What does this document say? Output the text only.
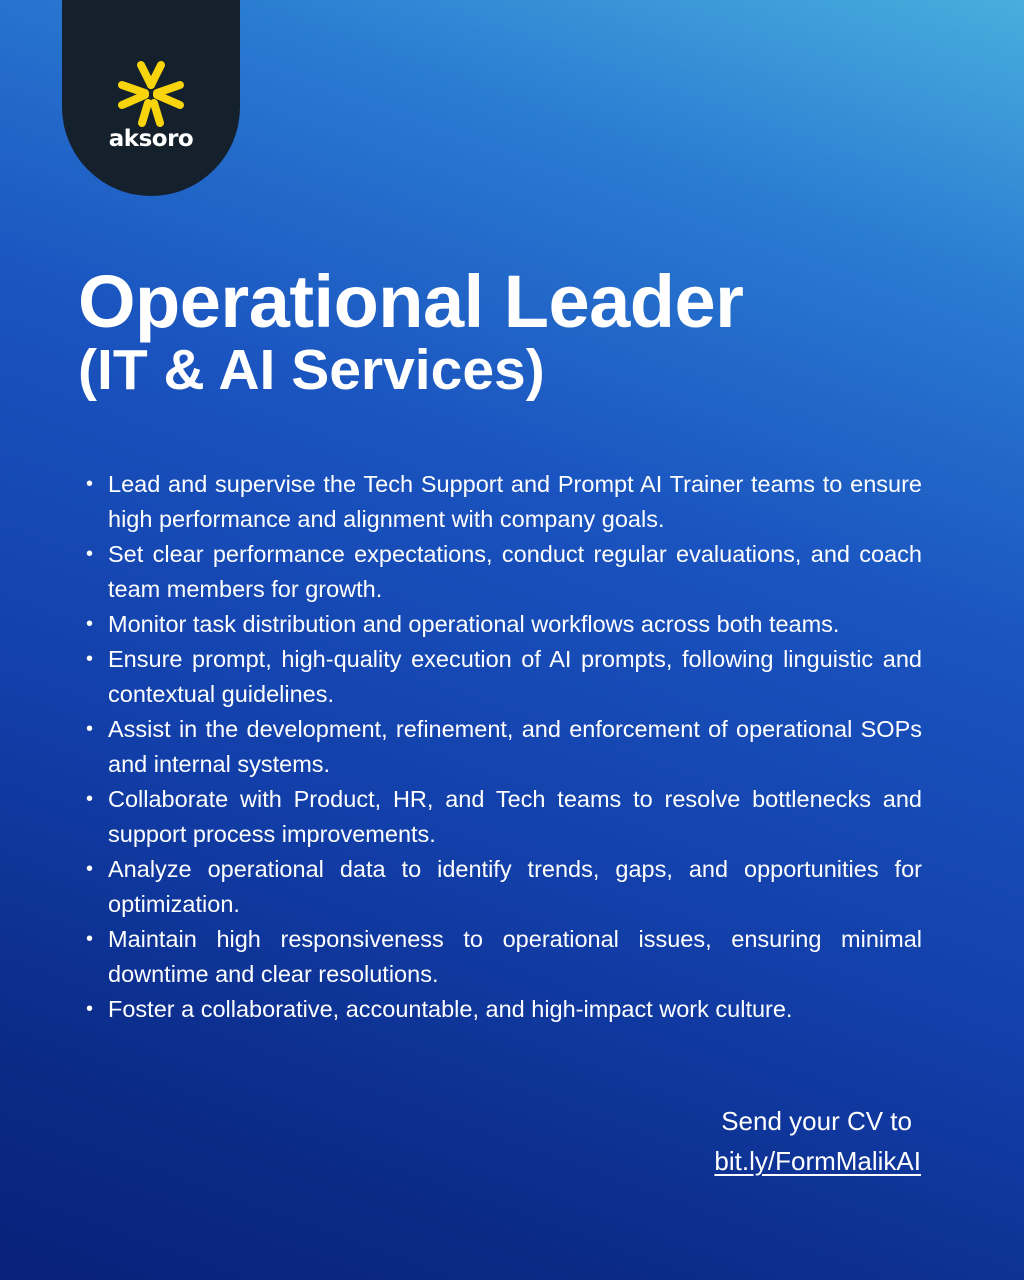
aksoro
Operational Leader
(IT & AI Services)
• Lead and supervise the Tech Support and Prompt AI Trainer teams to ensure high performance and alignment with company goals.
• Set clear performance expectations, conduct regular evaluations, and coach team members for growth.
• Monitor task distribution and operational workflows across both teams.
• Ensure prompt, high-quality execution of AI prompts, following linguistic and contextual guidelines.
• Assist in the development, refinement, and enforcement of operational SOPs and internal systems.
• Collaborate with Product, HR, and Tech teams to resolve bottlenecks and support process improvements.
• Analyze operational data to identify trends, gaps, and opportunities for optimization.
• Maintain high responsiveness to operational issues, ensuring minimal downtime and clear resolutions.
• Foster a collaborative, accountable, and high-impact work culture.
Send your CV to
bit.ly/FormMalikAI
